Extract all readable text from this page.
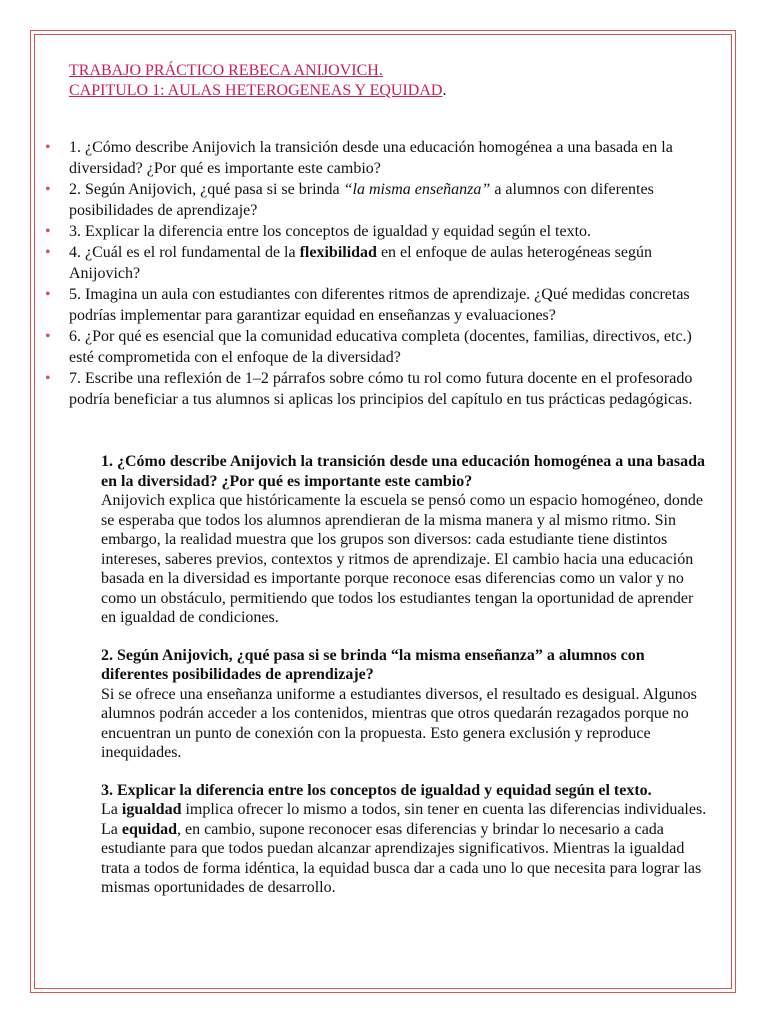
TRABAJO PRÁCTICO REBECA ANIJOVICH.
CAPITULO 1: AULAS HETEROGENEAS Y EQUIDAD.
• 1. ¿Cómo describe Anijovich la transición desde una educación homogénea a una basada en la diversidad? ¿Por qué es importante este cambio?
• 2. Según Anijovich, ¿qué pasa si se brinda “la misma enseñanza” a alumnos con diferentes posibilidades de aprendizaje?
• 3. Explicar la diferencia entre los conceptos de igualdad y equidad según el texto.
• 4. ¿Cuál es el rol fundamental de la flexibilidad en el enfoque de aulas heterogéneas según Anijovich?
• 5. Imagina un aula con estudiantes con diferentes ritmos de aprendizaje. ¿Qué medidas concretas podrías implementar para garantizar equidad en enseñanzas y evaluaciones?
• 6. ¿Por qué es esencial que la comunidad educativa completa (docentes, familias, directivos, etc.) esté comprometida con el enfoque de la diversidad?
• 7. Escribe una reflexión de 1–2 párrafos sobre cómo tu rol como futura docente en el profesorado podría beneficiar a tus alumnos si aplicas los principios del capítulo en tus prácticas pedagógicas.
1. ¿Cómo describe Anijovich la transición desde una educación homogénea a una basada en la diversidad? ¿Por qué es importante este cambio?

Anijovich explica que históricamente la escuela se pensó como un espacio homogéneo, donde se esperaba que todos los alumnos aprendieran de la misma manera y al mismo ritmo. Sin embargo, la realidad muestra que los grupos son diversos: cada estudiante tiene distintos intereses, saberes previos, contextos y ritmos de aprendizaje. El cambio hacia una educación basada en la diversidad es importante porque reconoce esas diferencias como un valor y no como un obstáculo, permitiendo que todos los estudiantes tengan la oportunidad de aprender en igualdad de condiciones.

2. Según Anijovich, ¿qué pasa si se brinda “la misma enseñanza” a alumnos con diferentes posibilidades de aprendizaje?

Si se ofrece una enseñanza uniforme a estudiantes diversos, el resultado es desigual. Algunos alumnos podrán acceder a los contenidos, mientras que otros quedarán rezagados porque no encuentran un punto de conexión con la propuesta. Esto genera exclusión y reproduce inequidades.

3. Explicar la diferencia entre los conceptos de igualdad y equidad según el texto.

La igualdad implica ofrecer lo mismo a todos, sin tener en cuenta las diferencias individuales. La equidad, en cambio, supone reconocer esas diferencias y brindar lo necesario a cada estudiante para que todos puedan alcanzar aprendizajes significativos. Mientras la igualdad trata a todos de forma idéntica, la equidad busca dar a cada uno lo que necesita para lograr las mismas oportunidades de desarrollo.
